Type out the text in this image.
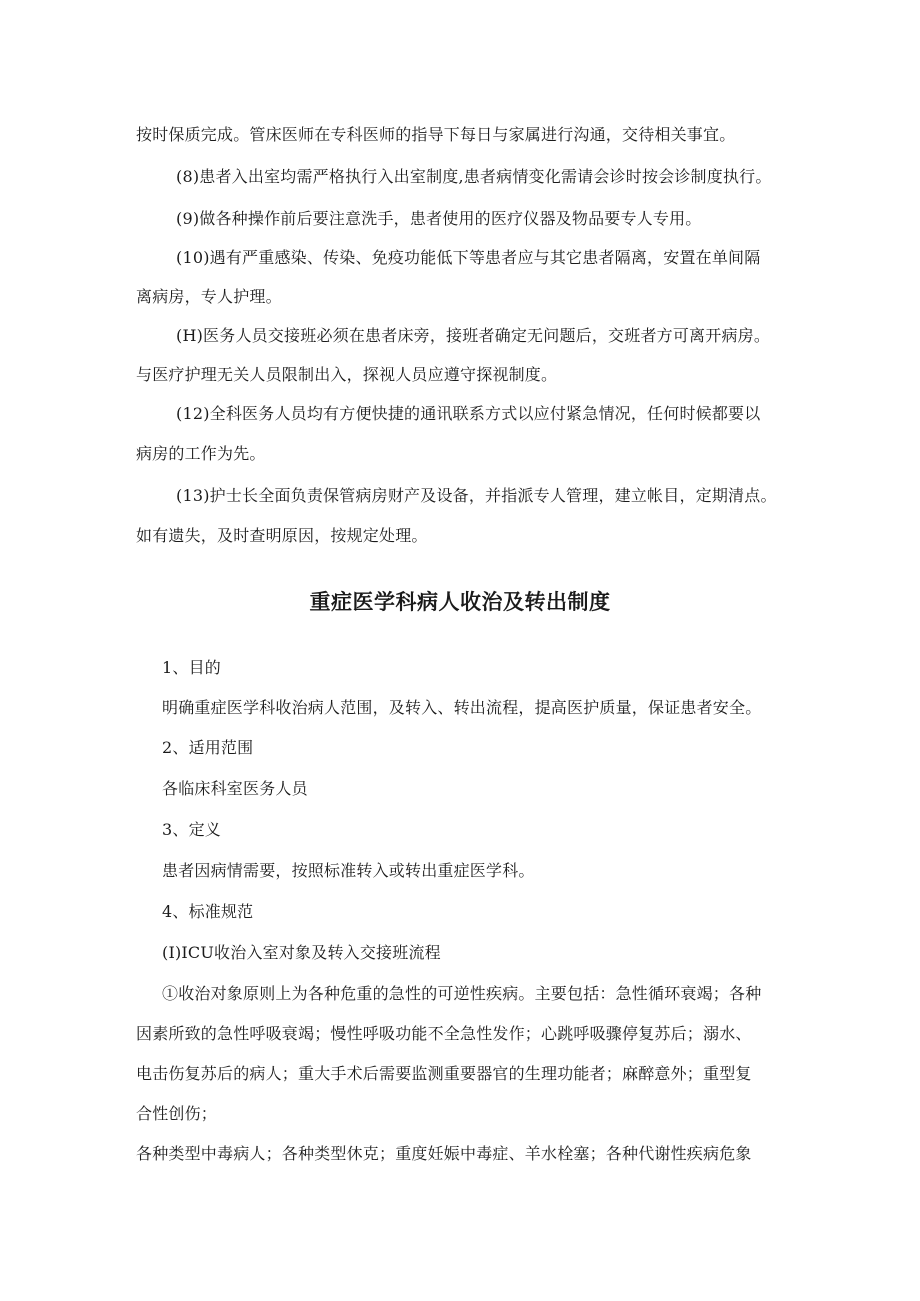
按时保质完成。管床医师在专科医师的指导下每日与家属进行沟通，交待相关事宜。
(8)患者入出室均需严格执行入出室制度,患者病情变化需请会诊时按会诊制度执行。
(9)做各种操作前后要注意洗手，患者使用的医疗仪器及物品要专人专用。
(10)遇有严重感染、传染、免疫功能低下等患者应与其它患者隔离，安置在单间隔
离病房，专人护理。
(H)医务人员交接班必须在患者床旁，接班者确定无问题后，交班者方可离开病房。
与医疗护理无关人员限制出入，探视人员应遵守探视制度。
(12)全科医务人员均有方便快捷的通讯联系方式以应付紧急情况，任何时候都要以
病房的工作为先。
(13)护士长全面负责保管病房财产及设备，并指派专人管理，建立帐目，定期清点。
如有遗失，及时查明原因，按规定处理。
重症医学科病人收治及转出制度
1、目的
明确重症医学科收治病人范围，及转入、转出流程，提高医护质量，保证患者安全。
2、适用范围
各临床科室医务人员
3、定义
患者因病情需要，按照标准转入或转出重症医学科。
4、标准规范
(I)ICU收治入室对象及转入交接班流程
①收治对象原则上为各种危重的急性的可逆性疾病。主要包括：急性循环衰竭；各种
因素所致的急性呼吸衰竭；慢性呼吸功能不全急性发作；心跳呼吸骤停复苏后；溺水、
电击伤复苏后的病人；重大手术后需要监测重要器官的生理功能者；麻醉意外；重型复
合性创伤；
各种类型中毒病人；各种类型休克；重度妊娠中毒症、羊水栓塞；各种代谢性疾病危象
